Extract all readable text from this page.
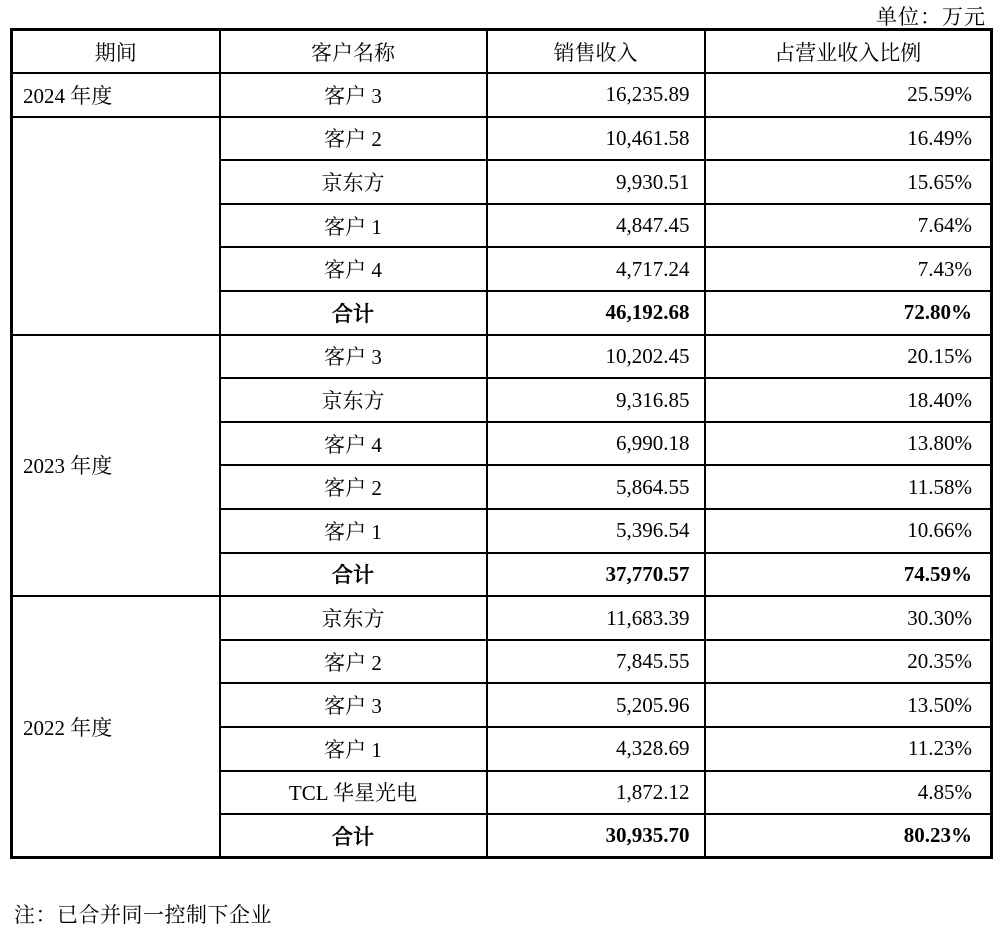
单位：万元
期间	客户名称	销售收入	占营业收入比例
2024 年度	客户 3	16,235.89	25.59%
	客户 2	10,461.58	16.49%
	京东方	9,930.51	15.65%
	客户 1	4,847.45	7.64%
	客户 4	4,717.24	7.43%
	合计	46,192.68	72.80%
2023 年度	客户 3	10,202.45	20.15%
	京东方	9,316.85	18.40%
	客户 4	6,990.18	13.80%
	客户 2	5,864.55	11.58%
	客户 1	5,396.54	10.66%
	合计	37,770.57	74.59%
2022 年度	京东方	11,683.39	30.30%
	客户 2	7,845.55	20.35%
	客户 3	5,205.96	13.50%
	客户 1	4,328.69	11.23%
	TCL 华星光电	1,872.12	4.85%
	合计	30,935.70	80.23%
注：已合并同一控制下企业
